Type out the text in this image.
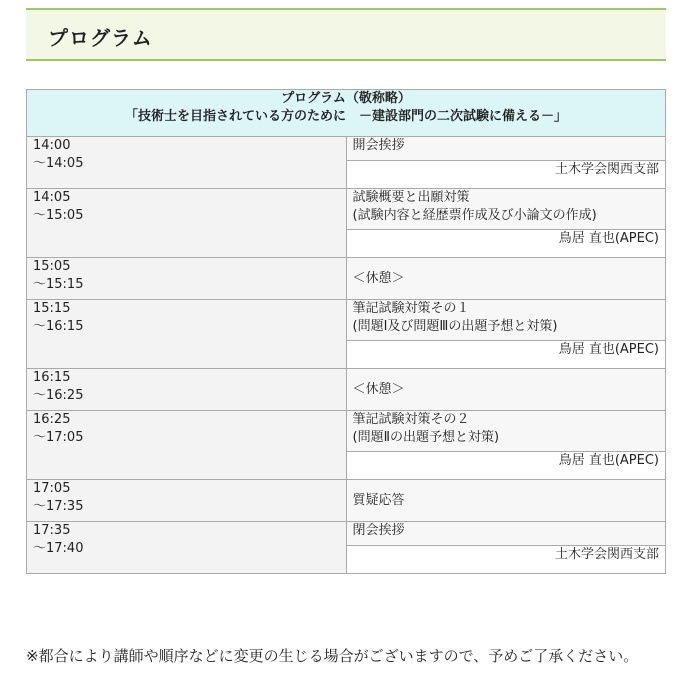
プログラム
プログラム（敬称略）
「技術士を目指されている方のために　－建設部門の二次試験に備える－」	

14:00
～14:05	開会挨拶

	土木学会関西支部

14:05
～15:05	試験概要と出願対策
(試験内容と経歴票作成及び小論文の作成)

	鳥居 直也(APEC)

15:05
～15:15	＜休憩＞

15:15
～16:15	筆記試験対策その１
(問題Ⅰ及び問題Ⅲの出題予想と対策)

	鳥居 直也(APEC)

16:15
～16:25	＜休憩＞

16:25
～17:05	筆記試験対策その２
(問題Ⅱの出題予想と対策)

	鳥居 直也(APEC)

17:05
～17:35	質疑応答

17:35
～17:40	閉会挨拶

	土木学会関西支部

※都合により講師や順序などに変更の生じる場合がございますので、予めご了承ください。
